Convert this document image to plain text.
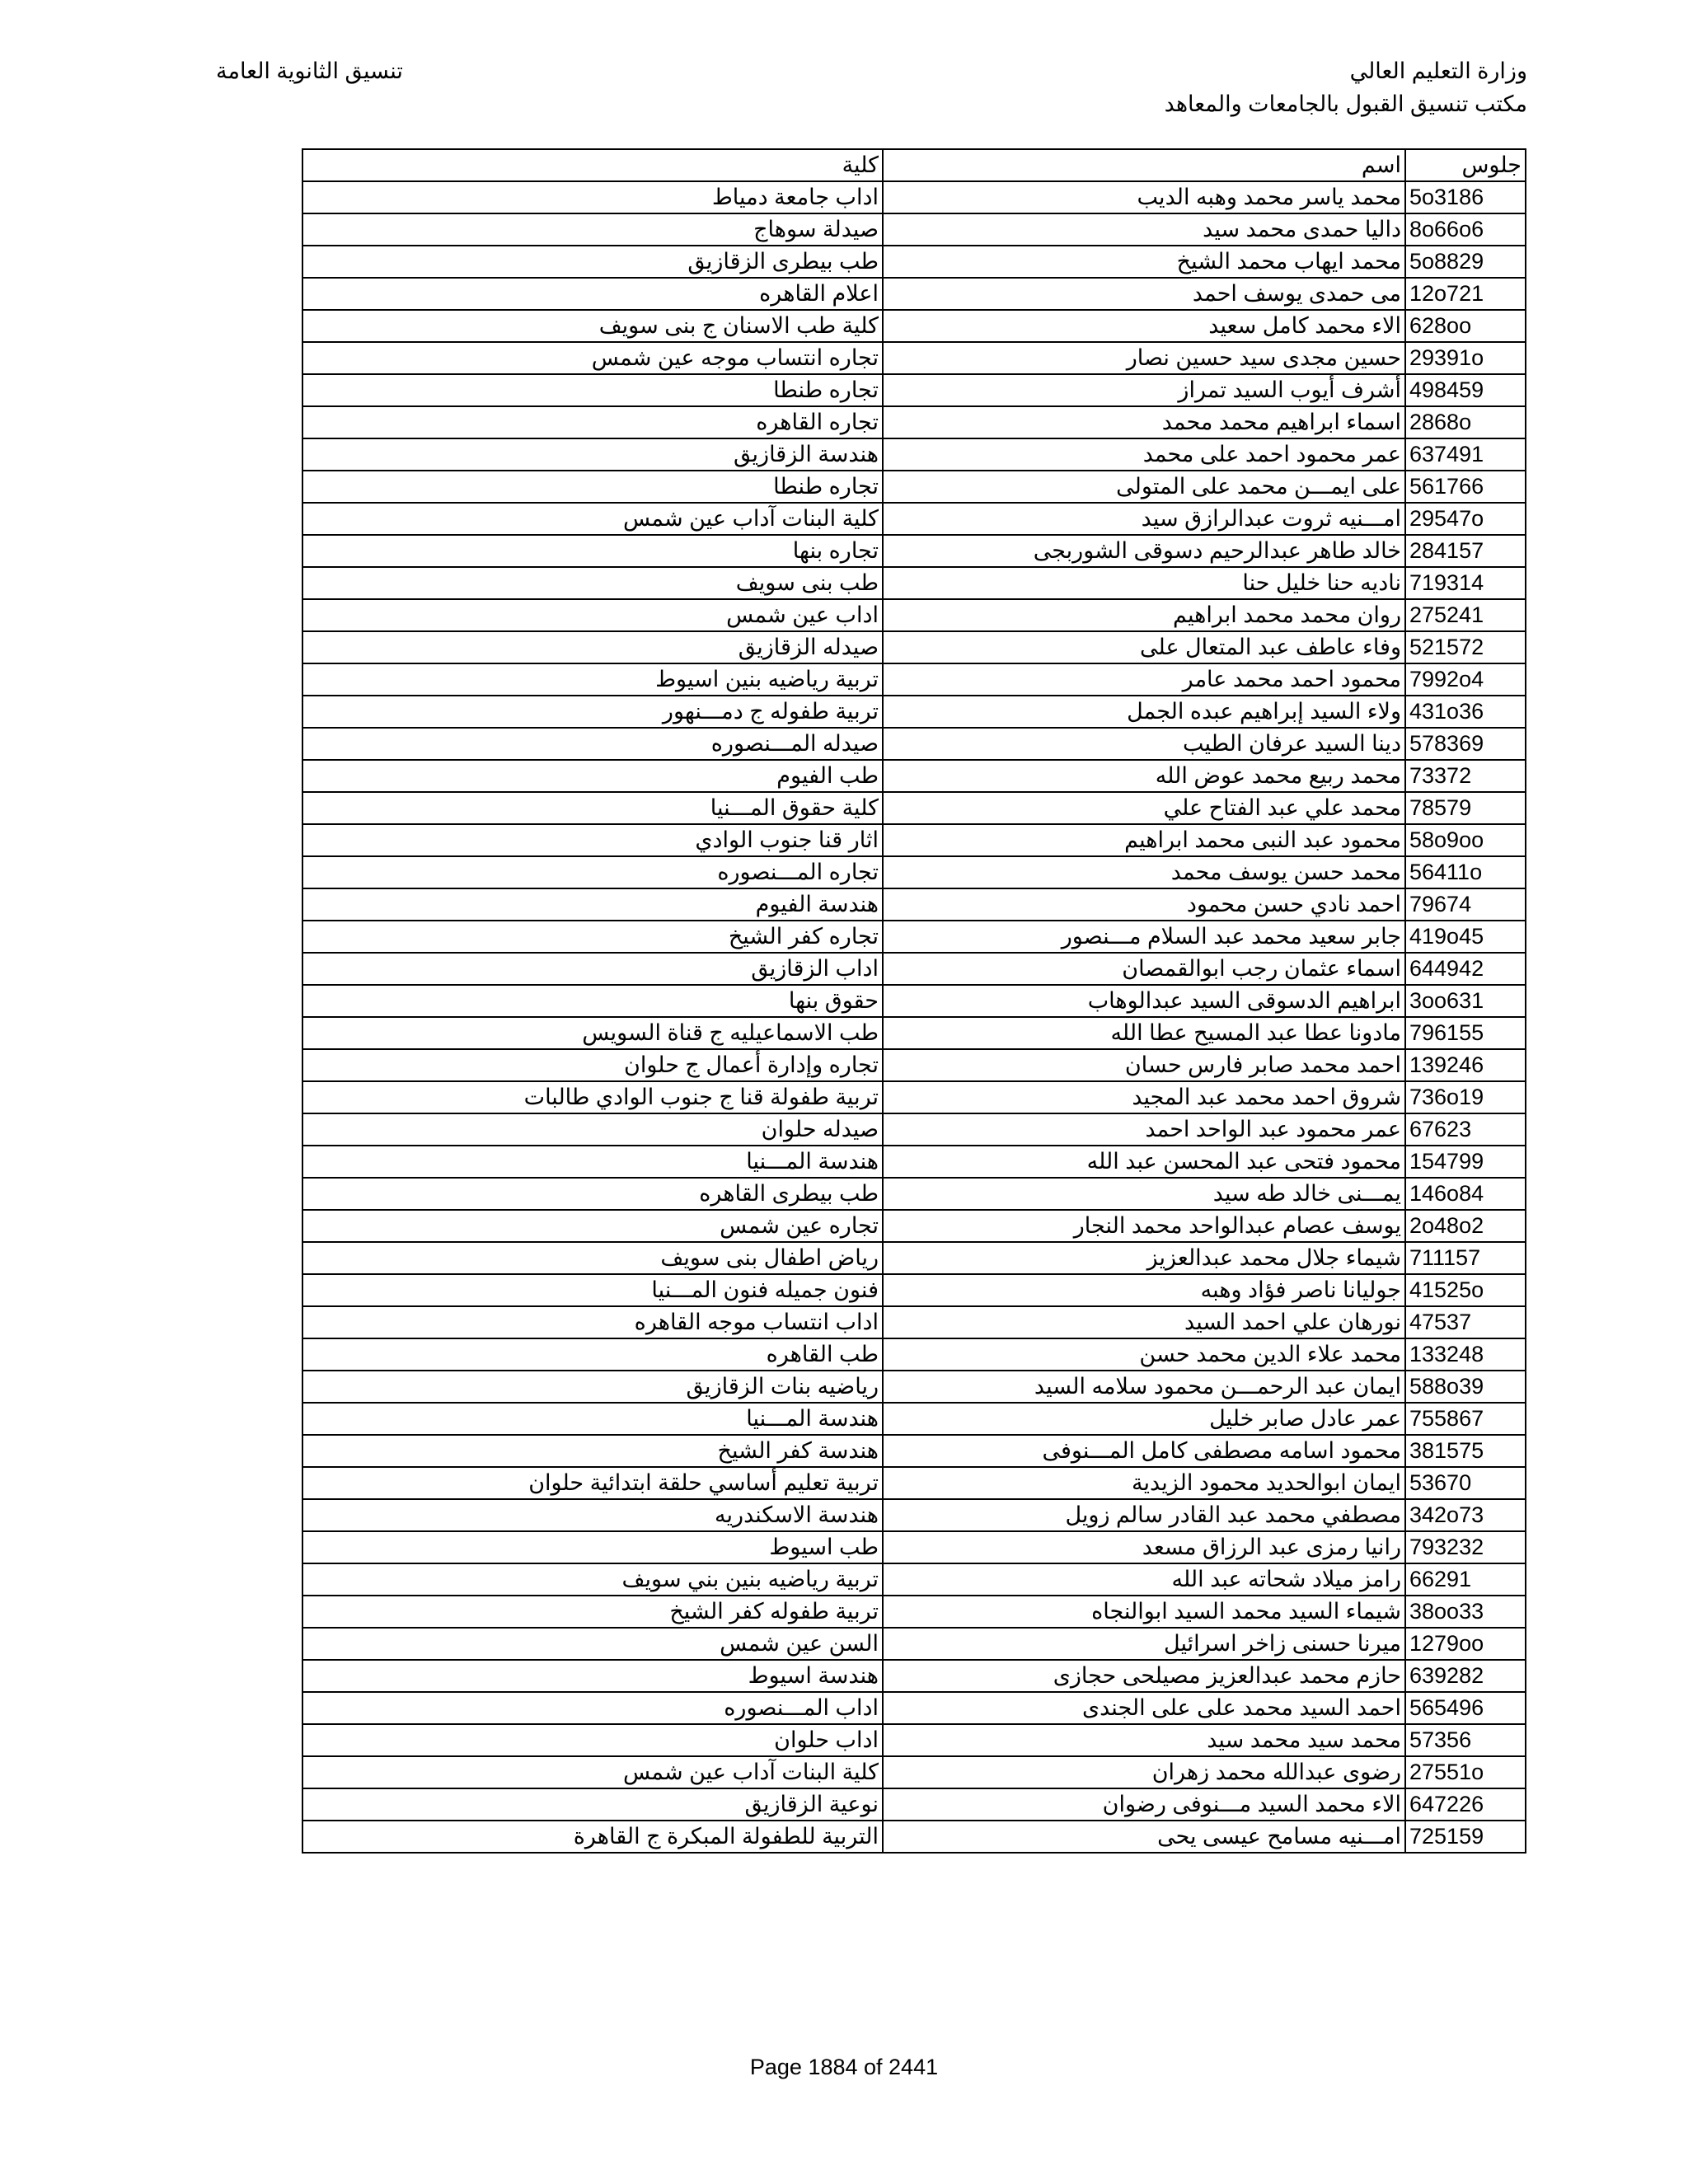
وزارة التعليم العالي
مكتب تنسيق القبول بالجامعات والمعاهد
تنسيق الثانوية العامة
جلوس	اسم	كلية
5o3186	محمد ياسر محمد وهبه الديب	اداب جامعة دمياط
8o66o6	داليا حمدى محمد سيد	صيدلة سوهاج
5o8829	محمد ايهاب محمد الشيخ	طب بيطرى الزقازيق
12o721	مى حمدى يوسف احمد	اعلام القاهره
628oo	الاء محمد كامل سعيد	كلية طب الاسنان ج بنى سويف
29391o	حسين مجدى سيد حسين نصار	تجاره انتساب موجه عين شمس
498459	أشرف أيوب السيد تمراز	تجاره طنطا
2868o	اسماء ابراهيم محمد محمد	تجاره القاهره
637491	عمر محمود احمد على محمد	هندسة الزقازيق
561766	على ايمـــن محمد على المتولى	تجاره طنطا
29547o	امـــنيه ثروت عبدالرازق سيد	كلية البنات آداب عين شمس
284157	خالد طاهر عبدالرحيم دسوقى الشوربجى	تجاره بنها
719314	ناديه حنا خليل حنا	طب بنى سويف
275241	روان محمد محمد ابراهيم	اداب عين شمس
521572	وفاء عاطف عبد المتعال على	صيدله الزقازيق
7992o4	محمود احمد محمد عامر	تربية رياضيه بنين اسيوط
431o36	ولاء السيد إبراهيم عبده الجمل	تربية طفوله ج دمـــنهور
578369	دينا السيد عرفان الطيب	صيدله المـــنصوره
73372	محمد ربيع محمد عوض الله	طب الفيوم
78579	محمد علي عبد الفتاح علي	كلية حقوق المـــنيا
58o9oo	محمود عبد النبى محمد ابراهيم	اثار قنا جنوب الوادي
56411o	محمد حسن يوسف محمد	تجاره المـــنصوره
79674	احمد نادي حسن محمود	هندسة الفيوم
419o45	جابر سعيد محمد عبد السلام مـــنصور	تجاره كفر الشيخ
644942	اسماء عثمان رجب ابوالقمصان	اداب الزقازيق
3oo631	ابراهيم الدسوقى السيد عبدالوهاب	حقوق بنها
796155	مادونا عطا عبد المسيح عطا الله	طب الاسماعيليه ج قناة السويس
139246	احمد محمد صابر فارس حسان	تجاره وإدارة أعمال ج حلوان
736o19	شروق احمد محمد عبد المجيد	تربية طفولة قنا ج جنوب الوادي طالبات
67623	عمر محمود عبد الواحد احمد	صيدله حلوان
154799	محمود فتحى عبد المحسن عبد الله	هندسة المـــنيا
146o84	يمـــنى خالد طه سيد	طب بيطرى القاهره
2o48o2	يوسف عصام عبدالواحد محمد النجار	تجاره عين شمس
711157	شيماء جلال محمد عبدالعزيز	رياض اطفال بنى سويف
41525o	جوليانا ناصر فؤاد وهبه	فنون جميله فنون المـــنيا
47537	نورهان علي احمد السيد	اداب انتساب موجه القاهره
133248	محمد علاء الدين محمد حسن	طب القاهره
588o39	ايمان عبد الرحمـــن محمود سلامه السيد	رياضيه بنات الزقازيق
755867	عمر عادل صابر خليل	هندسة المـــنيا
381575	محمود اسامه مصطفى كامل المـــنوفى	هندسة كفر الشيخ
53670	ايمان ابوالحديد محمود الزيدية	تربية تعليم أساسي حلقة ابتدائية حلوان
342o73	مصطفي محمد عبد القادر سالم زويل	هندسة الاسكندريه
793232	رانيا رمزى عبد الرزاق مسعد	طب اسيوط
66291	رامز ميلاد شحاته عبد الله	تربية رياضيه بنين بني سويف
38oo33	شيماء السيد محمد السيد ابوالنجاه	تربية طفوله كفر الشيخ
1279oo	ميرنا حسنى زاخر اسرائيل	السن عين شمس
639282	حازم محمد عبدالعزيز مصيلحى حجازى	هندسة اسيوط
565496	احمد السيد محمد على على الجندى	اداب المـــنصوره
57356	محمد سيد محمد سيد	اداب حلوان
27551o	رضوى عبدالله محمد زهران	كلية البنات آداب عين شمس
647226	الاء محمد السيد مـــنوفى رضوان	نوعية الزقازيق
725159	امـــنيه مسامح عيسى يحى	التربية للطفولة المبكرة ج القاهرة
Page 1884 of 2441
